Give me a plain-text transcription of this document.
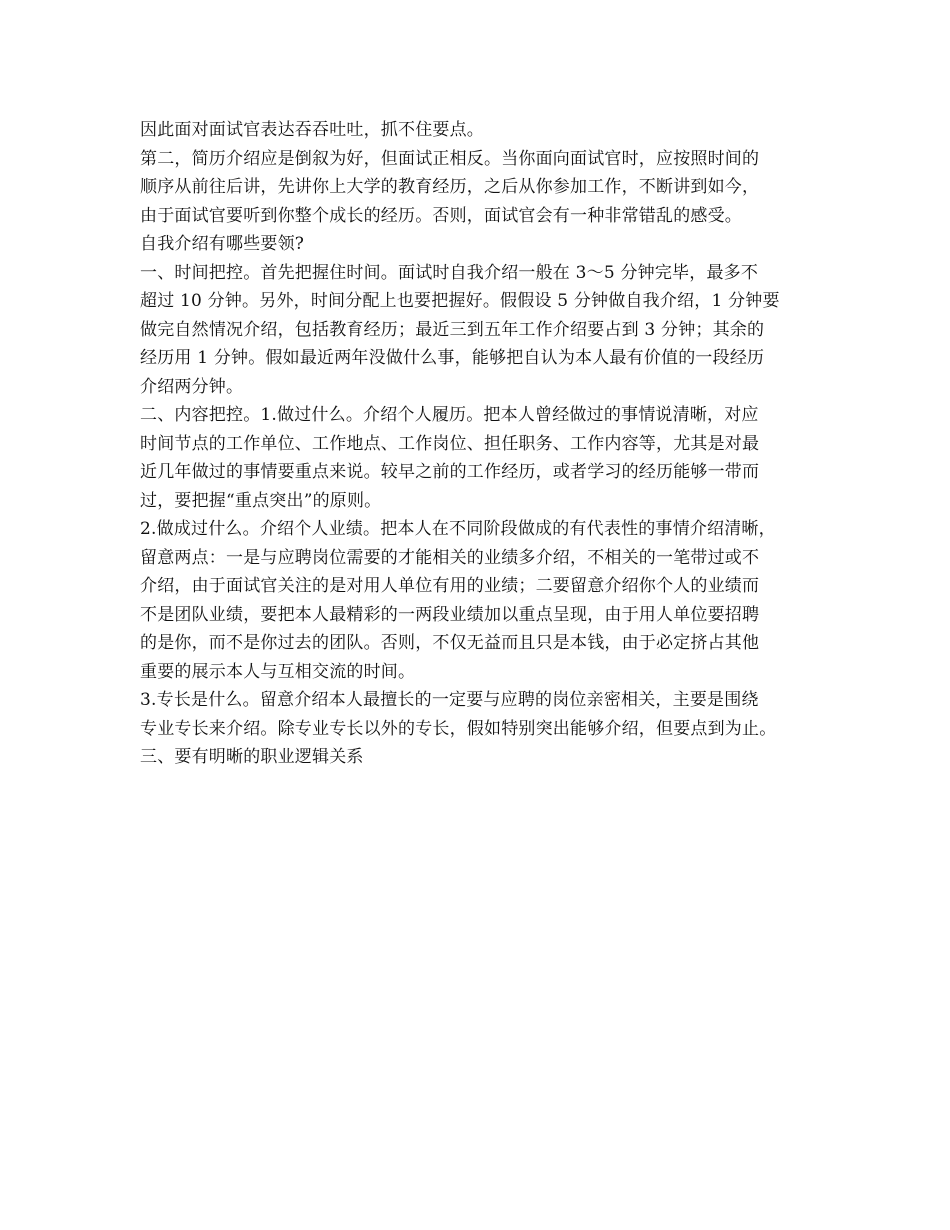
因此面对面试官表达吞吞吐吐，抓不住要点。
第二，简历介绍应是倒叙为好，但面试正相反。当你面向面试官时，应按照时间的
顺序从前往后讲，先讲你上大学的教育经历，之后从你参加工作，不断讲到如今，
由于面试官要听到你整个成长的经历。否则，面试官会有一种非常错乱的感受。
自我介绍有哪些要领?
一、时间把控。首先把握住时间。面试时自我介绍一般在 3～5 分钟完毕，最多不
超过 10 分钟。另外，时间分配上也要把握好。假假设 5 分钟做自我介绍，1 分钟要
做完自然情况介绍，包括教育经历；最近三到五年工作介绍要占到 3 分钟；其余的
经历用 1 分钟。假如最近两年没做什么事，能够把自认为本人最有价值的一段经历
介绍两分钟。
二、内容把控。1.做过什么。介绍个人履历。把本人曾经做过的事情说清晰，对应
时间节点的工作单位、工作地点、工作岗位、担任职务、工作内容等，尤其是对最
近几年做过的事情要重点来说。较早之前的工作经历，或者学习的经历能够一带而
过，要把握“重点突出”的原则。
2.做成过什么。介绍个人业绩。把本人在不同阶段做成的有代表性的事情介绍清晰，
留意两点：一是与应聘岗位需要的才能相关的业绩多介绍，不相关的一笔带过或不
介绍，由于面试官关注的是对用人单位有用的业绩；二要留意介绍你个人的业绩而
不是团队业绩，要把本人最精彩的一两段业绩加以重点呈现，由于用人单位要招聘
的是你，而不是你过去的团队。否则，不仅无益而且只是本钱，由于必定挤占其他
重要的展示本人与互相交流的时间。
3.专长是什么。留意介绍本人最擅长的一定要与应聘的岗位亲密相关，主要是围绕
专业专长来介绍。除专业专长以外的专长，假如特别突出能够介绍，但要点到为止。
三、要有明晰的职业逻辑关系
